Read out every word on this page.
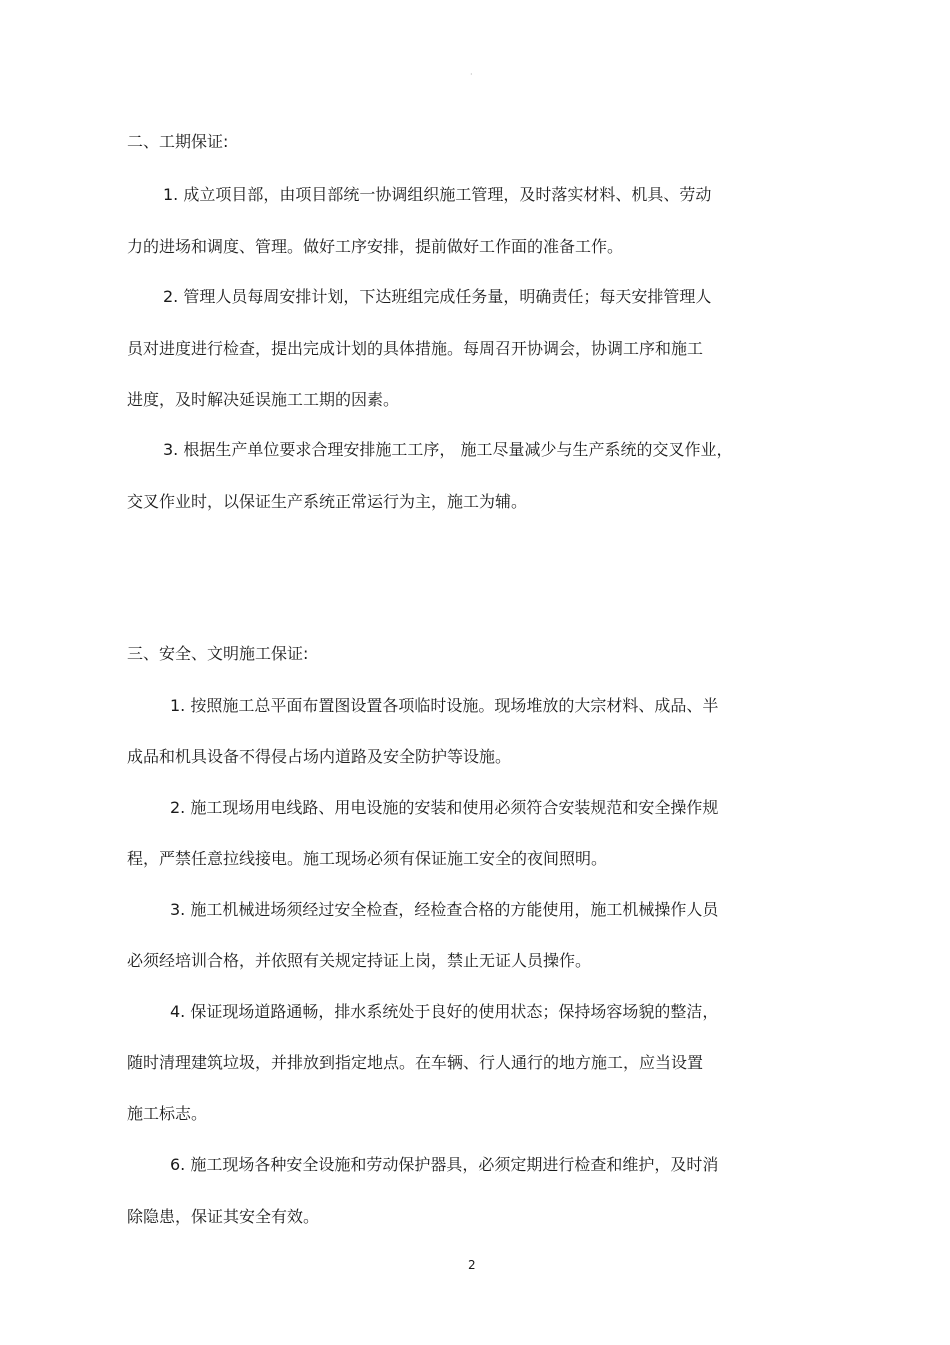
·
二、工期保证:
1. 成立项目部，由项目部统一协调组织施工管理，及时落实材料、机具、劳动
力的进场和调度、管理。做好工序安排，提前做好工作面的准备工作。
2. 管理人员每周安排计划，下达班组完成任务量，明确责任；每天安排管理人
员对进度进行检查，提出完成计划的具体措施。每周召开协调会，协调工序和施工
进度，及时解决延误施工工期的因素。
3. 根据生产单位要求合理安排施工工序， 施工尽量减少与生产系统的交叉作业，
交叉作业时，以保证生产系统正常运行为主，施工为辅。
三、安全、文明施工保证:
1. 按照施工总平面布置图设置各项临时设施。现场堆放的大宗材料、成品、半
成品和机具设备不得侵占场内道路及安全防护等设施。
2. 施工现场用电线路、用电设施的安装和使用必须符合安装规范和安全操作规
程，严禁任意拉线接电。施工现场必须有保证施工安全的夜间照明。
3. 施工机械进场须经过安全检查，经检查合格的方能使用，施工机械操作人员
必须经培训合格，并依照有关规定持证上岗，禁止无证人员操作。
4. 保证现场道路通畅，排水系统处于良好的使用状态；保持场容场貌的整洁，
随时清理建筑垃圾，并排放到指定地点。在车辆、行人通行的地方施工，应当设置
施工标志。
6. 施工现场各种安全设施和劳动保护器具，必须定期进行检查和维护，及时消
除隐患，保证其安全有效。
2
